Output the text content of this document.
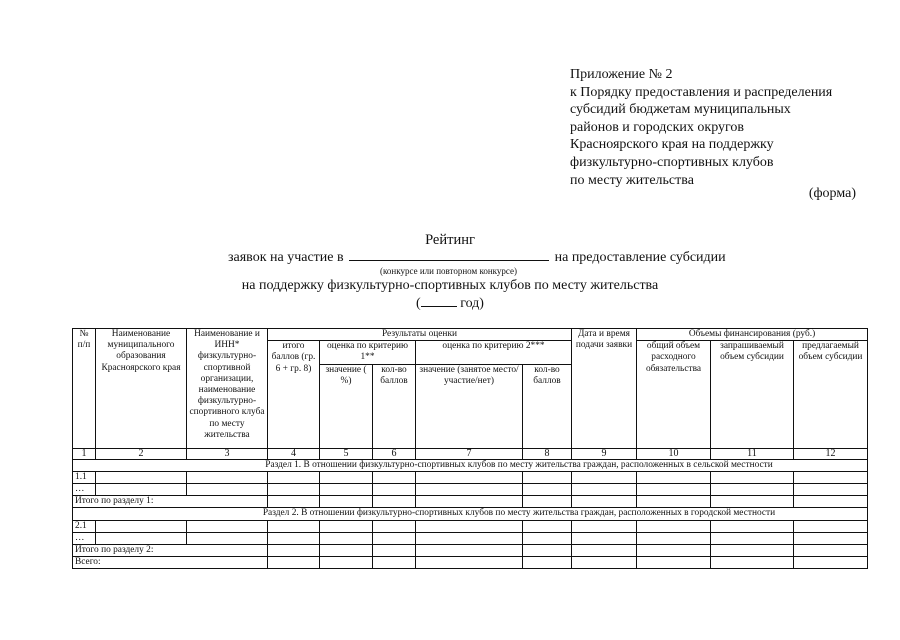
Приложение № 2
к Порядку предоставления и распределения
субсидий бюджетам муниципальных
районов и городских округов
Красноярского края на поддержку
физкультурно-спортивных клубов
по месту жительства
(форма)
Рейтинг
заявок на участие в	на предоставление субсидии
(конкурсе или повторном конкурсе)
на поддержку физкультурно-спортивных клубов по месту жительства
(	год)
№ п/п	Наименование муниципального образования Красноярского края	Наименование и ИНН* физкультурно-спортивной организации, наименование физкультурно-спортивного клуба по месту жительства	Результаты оценки					Дата и время подачи заявки	Объемы финансирования (руб.)		
			итого баллов (гр. 6 + гр. 8)	оценка по критерию 1**		оценка по критерию 2***			общий объем расходного обязательства	запрашиваемый объем субсидии	предлагаемый объем субсидии
				значение ( %)	кол-во баллов	значение (занятое место/участие/нет)	кол-во баллов				
1	2	3	4	5	6	7	8	9	10	11	12
Раздел 1. В отношении физкультурно-спортивных клубов по месту жительства граждан, расположенных в сельской местности											
1.1											
…											
Итого по разделу 1:											
Раздел 2. В отношении физкультурно-спортивных клубов по месту жительства граждан, расположенных в городской местности											
2.1											
…											
Итого по разделу 2:											
Всего:											
